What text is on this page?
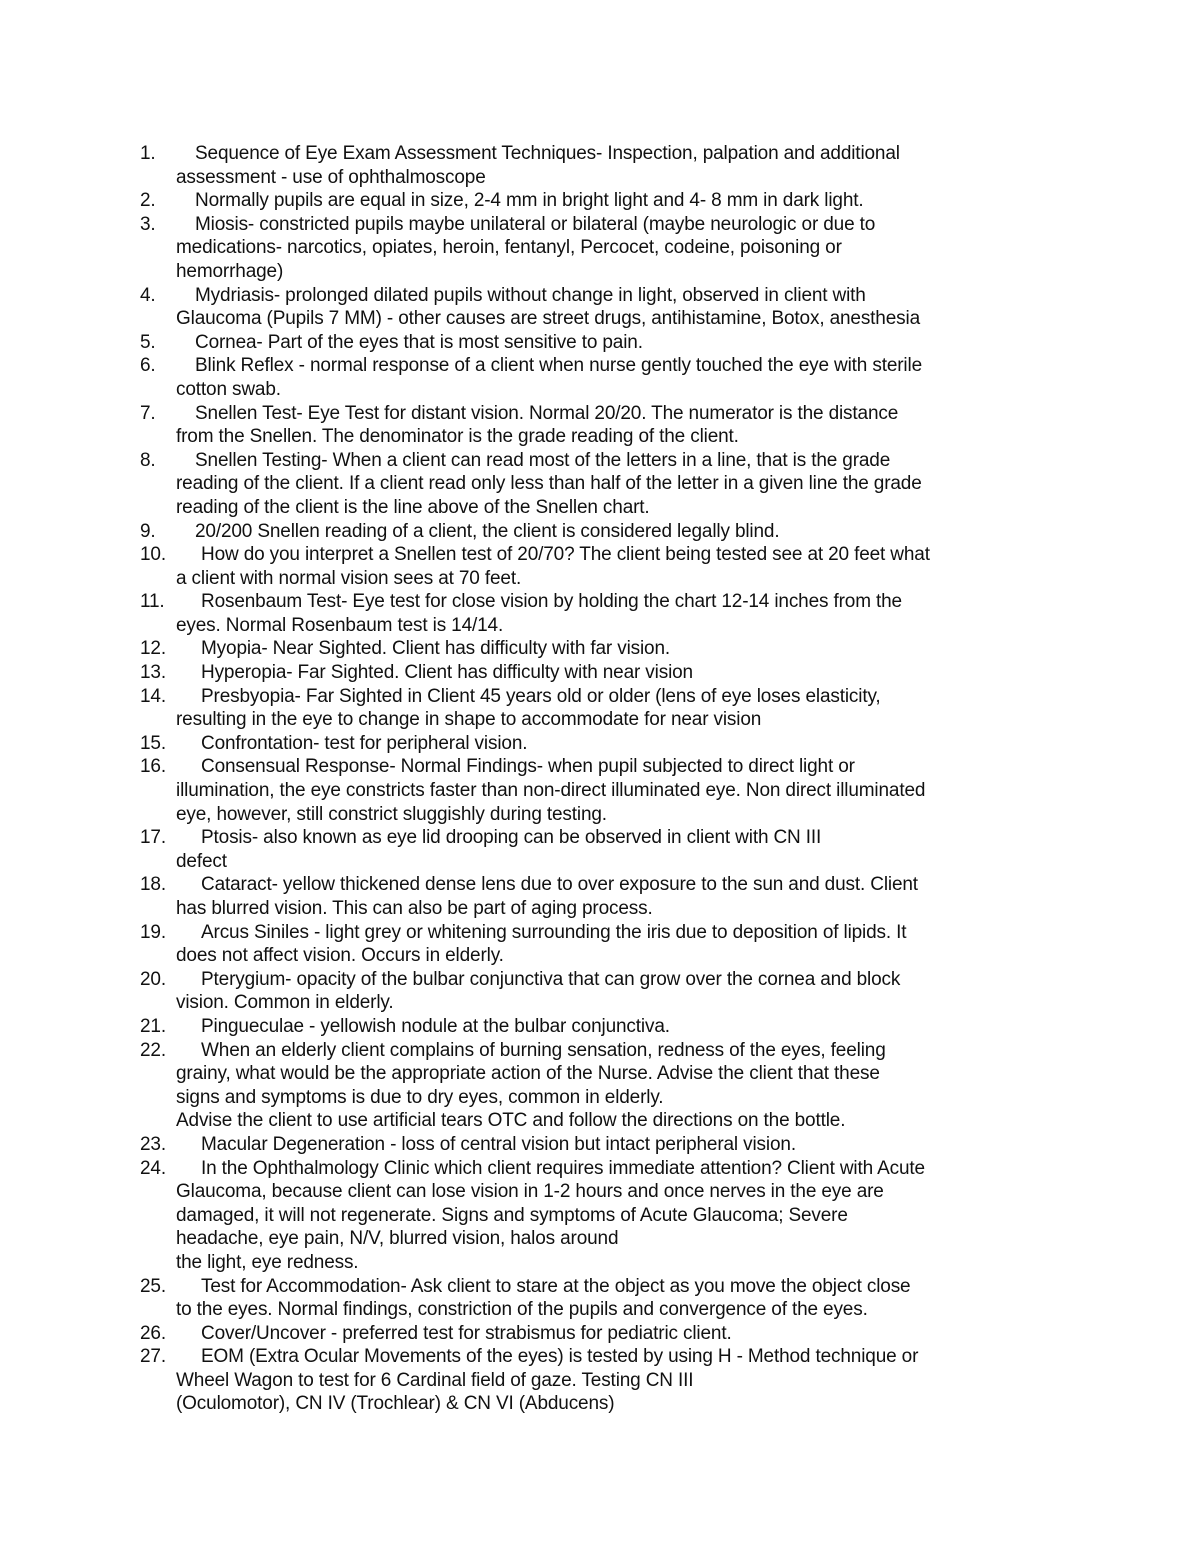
1.	Sequence of Eye Exam Assessment Techniques- Inspection, palpation and additional
assessment - use of ophthalmoscope
2.	Normally pupils are equal in size, 2-4 mm in bright light and 4- 8 mm in dark light.
3.	Miosis- constricted pupils maybe unilateral or bilateral (maybe neurologic or due to
medications- narcotics, opiates, heroin, fentanyl, Percocet, codeine, poisoning or
hemorrhage)
4.	Mydriasis- prolonged dilated pupils without change in light, observed in client with
Glaucoma (Pupils 7 MM) - other causes are street drugs, antihistamine, Botox, anesthesia
5.	Cornea- Part of the eyes that is most sensitive to pain.
6.	Blink Reflex - normal response of a client when nurse gently touched the eye with sterile
cotton swab.
7.	Snellen Test- Eye Test for distant vision. Normal 20/20. The numerator is the distance
from the Snellen. The denominator is the grade reading of the client.
8.	Snellen Testing- When a client can read most of the letters in a line, that is the grade
reading of the client. If a client read only less than half of the letter in a given line the grade
reading of the client is the line above of the Snellen chart.
9.	20/200 Snellen reading of a client, the client is considered legally blind.
10.	How do you interpret a Snellen test of 20/70? The client being tested see at 20 feet what
a client with normal vision sees at 70 feet.
11.	Rosenbaum Test- Eye test for close vision by holding the chart 12-14 inches from the
eyes. Normal Rosenbaum test is 14/14.
12.	Myopia- Near Sighted. Client has difficulty with far vision.
13.	Hyperopia- Far Sighted. Client has difficulty with near vision
14.	Presbyopia- Far Sighted in Client 45 years old or older (lens of eye loses elasticity,
resulting in the eye to change in shape to accommodate for near vision
15.	Confrontation- test for peripheral vision.
16.	Consensual Response- Normal Findings- when pupil subjected to direct light or
illumination, the eye constricts faster than non-direct illuminated eye. Non direct illuminated
eye, however, still constrict sluggishly during testing.
17.	Ptosis- also known as eye lid drooping can be observed in client with CN III
defect
18.	Cataract- yellow thickened dense lens due to over exposure to the sun and dust. Client
has blurred vision. This can also be part of aging process.
19.	Arcus Siniles - light grey or whitening surrounding the iris due to deposition of lipids. It
does not affect vision. Occurs in elderly.
20.	Pterygium- opacity of the bulbar conjunctiva that can grow over the cornea and block
vision. Common in elderly.
21.	Pingueculae - yellowish nodule at the bulbar conjunctiva.
22.	When an elderly client complains of burning sensation, redness of the eyes, feeling
grainy, what would be the appropriate action of the Nurse. Advise the client that these
signs and symptoms is due to dry eyes, common in elderly.
Advise the client to use artificial tears OTC and follow the directions on the bottle.
23.	Macular Degeneration - loss of central vision but intact peripheral vision.
24.	In the Ophthalmology Clinic which client requires immediate attention? Client with Acute
Glaucoma, because client can lose vision in 1-2 hours and once nerves in the eye are
damaged, it will not regenerate. Signs and symptoms of Acute Glaucoma; Severe
headache, eye pain, N/V, blurred vision, halos around
the light, eye redness.
25.	Test for Accommodation- Ask client to stare at the object as you move the object close
to the eyes. Normal findings, constriction of the pupils and convergence of the eyes.
26.	Cover/Uncover - preferred test for strabismus for pediatric client.
27.	EOM (Extra Ocular Movements of the eyes) is tested by using H - Method technique or
Wheel Wagon to test for 6 Cardinal field of gaze. Testing CN III
(Oculomotor), CN IV (Trochlear) & CN VI (Abducens)
